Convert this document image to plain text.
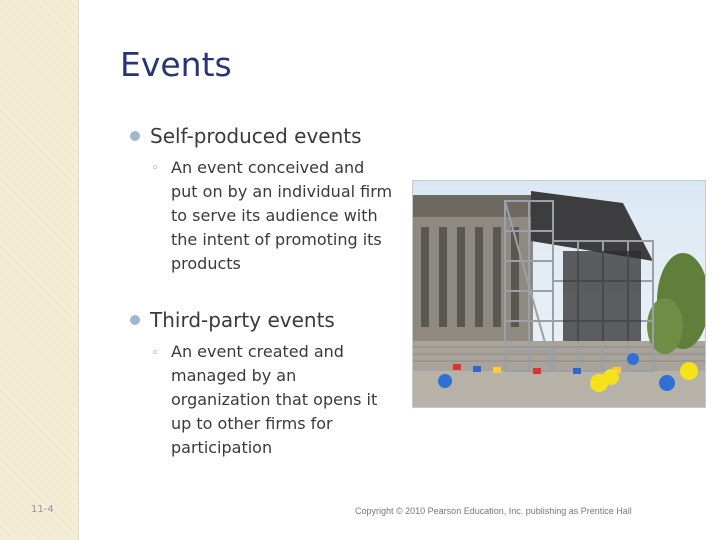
Events
Self-produced events
◦ An event conceived and put on by an individual firm to serve its audience with the intent of promoting its products
Third-party events
◦ An event created and managed by an organization that opens it up to other firms for participation
11-4	Copyright © 2010 Pearson Education, Inc. publishing as Prentice Hall
